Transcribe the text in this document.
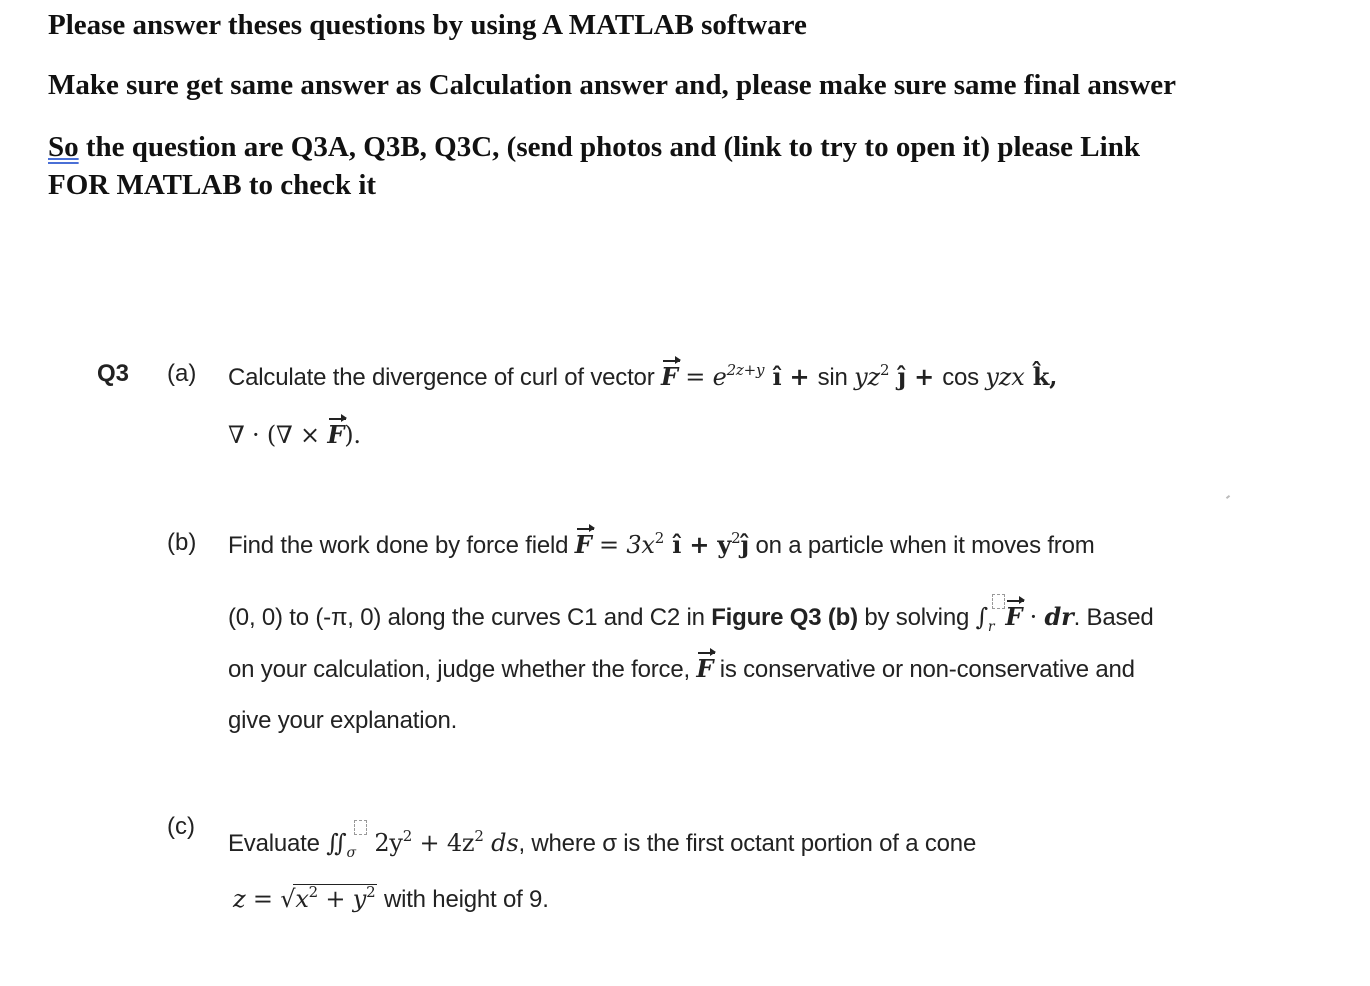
Please answer theses questions by using A MATLAB software
Make sure get same answer as Calculation answer and, please make sure same final answer
So the question are Q3A, Q3B, Q3C, (send photos and (link to try to open it) please Link
FOR MATLAB to check it
Q3 (a) Calculate the divergence of curl of vector $F = e^{2z+y}$ î + $\sin yz^2$ ĵ + cos yzx k̂,
∇ · (∇ × F).
(b) Find the work done by force field $F = 3x^2$ î + $y^2ĵ$ on a particle when it moves from
(0, 0) to (-π, 0) along the curves C1 and C2 in Figure Q3 (b) by solving $\int_r$ F · dr. Based
on your calculation, judge whether the force, F is conservative or non-conservative and
give your explanation.
(c)
Evaluate $∬_\sigma$ $2y^2 + 4z^2$ ds, where σ is the first octant portion of a cone
$z = √x^2 + y^2$ with height of 9.
